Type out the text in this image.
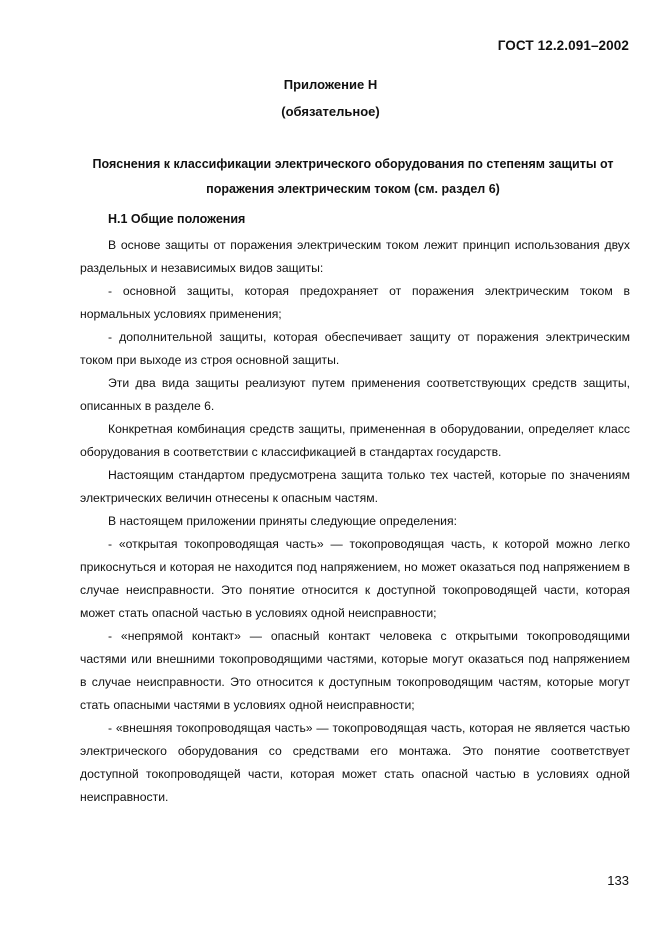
ГОСТ 12.2.091–2002
Приложение Н
(обязательное)
Пояснения к классификации электрического оборудования по степеням защиты от поражения электрическим током (см. раздел 6)
Н.1 Общие положения

В основе защиты от поражения электрическим током лежит принцип использования двух раздельных и независимых видов защиты:

- основной защиты, которая предохраняет от поражения электрическим током в нормальных условиях применения;

- дополнительной защиты, которая обеспечивает защиту от поражения электрическим током при выходе из строя основной защиты.

Эти два вида защиты реализуют путем применения соответствующих средств защиты, описанных в разделе 6.

Конкретная комбинация средств защиты, примененная в оборудовании, определяет класс оборудования в соответствии с классификацией в стандартах государств.

Настоящим стандартом предусмотрена защита только тех частей, которые по значениям электрических величин отнесены к опасным частям.

В настоящем приложении приняты следующие определения:

- «открытая токопроводящая часть» — токопроводящая часть, к которой можно легко прикоснуться и которая не находится под напряжением, но может оказаться под напряжением в случае неисправности. Это понятие относится к доступной токопроводящей части, которая может стать опасной частью в условиях одной неисправности;

- «непрямой контакт» — опасный контакт человека с открытыми токопроводящими частями или внешними токопроводящими частями, которые могут оказаться под напряжением в случае неисправности. Это относится к доступным токопроводящим частям, которые могут стать опасными частями в условиях одной неисправности;

- «внешняя токопроводящая часть» — токопроводящая часть, которая не является частью электрического оборудования со средствами его монтажа. Это понятие соответствует доступной токопроводящей части, которая может стать опасной частью в условиях одной неисправности.

133
